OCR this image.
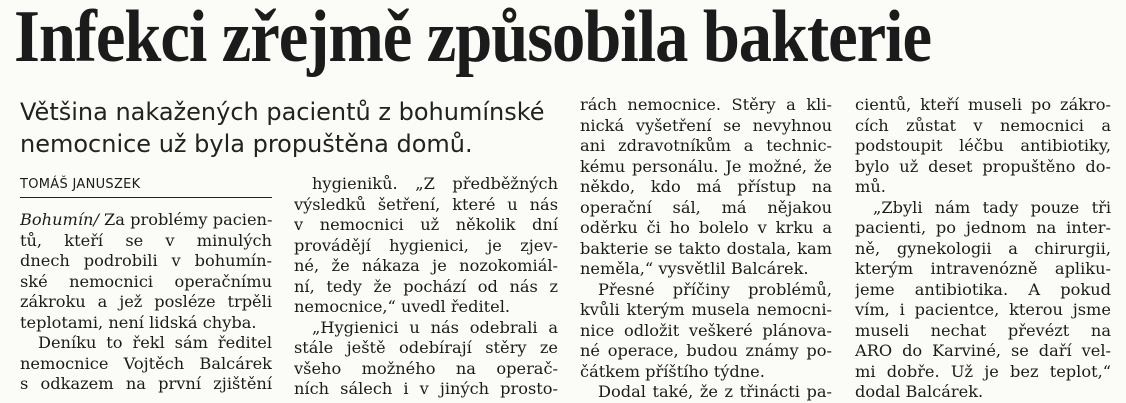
Infekci zřejmě způsobila bakterie
Většina nakažených pacientů z bohumínské
nemocnice už byla propuštěna domů.
TOMÁŠ JANUSZEK
Bohumín/ Za problémy pacien-
tů, kteří se v minulých
dnech podrobili v bohumín-
ské nemocnici operačnímu
zákroku a jež posléze trpěli
teplotami, není lidská chyba.
Deníku to řekl sám ředitel
nemocnice Vojtěch Balcárek
s odkazem na první zjištění
hygieniků. „Z předběžných
výsledků šetření, které u nás
v nemocnici už několik dní
provádějí hygienici, je zjev-
né, že nákaza je nozokomiál-
ní, tedy že pochází od nás z
nemocnice,“ uvedl ředitel.
„Hygienici u nás odebrali a
stále ještě odebírají stěry ze
všeho možného na operač-
ních sálech i v jiných prosto-
rách nemocnice. Stěry a kli-
nická vyšetření se nevyhnou
ani zdravotníkům a technic-
kému personálu. Je možné, že
někdo, kdo má přístup na
operační sál, má nějakou
oděrku či ho bolelo v krku a
bakterie se takto dostala, kam
neměla,“ vysvětlil Balcárek.
Přesné příčiny problémů,
kvůli kterým musela nemocni-
nice odložit veškeré plánova-
né operace, budou známy po-
čátkem příštího týdne.
Dodal také, že z třinácti pa-
cientů, kteří museli po zákro-
cích zůstat v nemocnici a
podstoupit léčbu antibiotiky,
bylo už deset propuštěno do-
mů.
„Zbyli nám tady pouze tři
pacienti, po jednom na inter-
ně, gynekologii a chirurgii,
kterým intravenózně apliku-
jeme antibiotika. A pokud
vím, i pacientce, kterou jsme
museli nechat převézt na
ARO do Karviné, se daří vel-
mi dobře. Už je bez teplot,“
dodal Balcárek.
